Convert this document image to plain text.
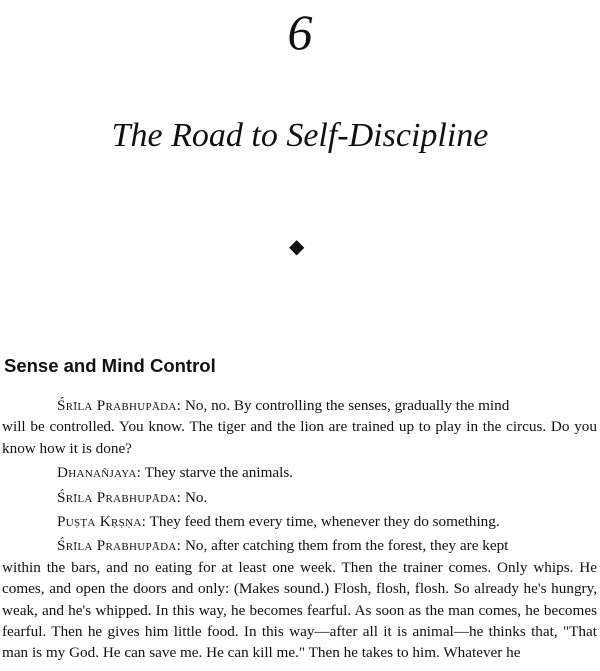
6
The Road to Self-Discipline
◆
Sense and Mind Control
Śrīla Prabhupāda: No, no. By controlling the senses, gradually the mind
will be controlled. You know. The tiger and the lion are trained up to play in the circus. Do you know how it is done?
Dhanañjaya: They starve the animals.
Śrīla Prabhupāda: No.
Puṣṭa Kṛṣṇa: They feed them every time, whenever they do something.
Śrīla Prabhupāda: No, after catching them from the forest, they are kept
within the bars, and no eating for at least one week. Then the trainer comes. Only whips. He comes, and open the doors and only: (Makes sound.) Flosh, flosh, flosh. So already he's hungry, weak, and he's whipped. In this way, he becomes fearful. As soon as the man comes, he becomes fearful. Then he gives him little food. In this way—after all it is animal—he thinks that, "That man is my God. He can save me. He can kill me." Then he takes to him. Whatever he
